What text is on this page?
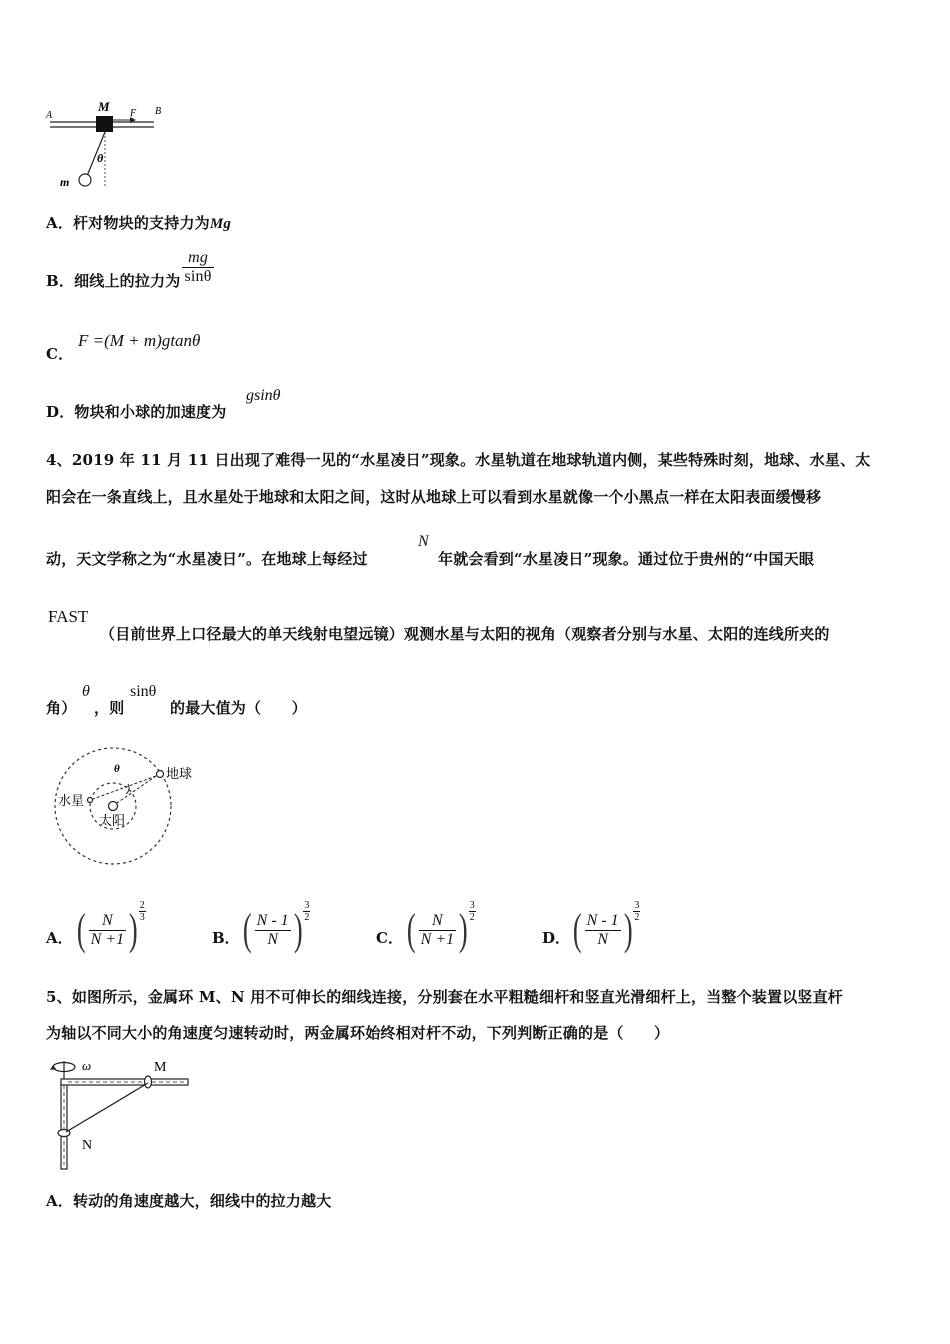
A
M F B
θ
m
A．杆对物块的支持力为Mg
B．细线上的拉力为 $\frac{mg}{\sin\theta}$
C．
F =(M + m)gtanθ
D．物块和小球的加速度为
gsinθ
4、2019 年 11 月 11 日出现了难得一见的“水星凌日”现象。水星轨道在地球轨道内侧，某些特殊时刻，地球、水星、太
阳会在一条直线上，且水星处于地球和太阳之间，这时从地球上可以看到水星就像一个小黑点一样在太阳表面缓慢移
动，天文学称之为“水星凌日”。在地球上每经过
N
年就会看到“水星凌日”现象。通过位于贵州的“中国天眼
FAST
（目前世界上口径最大的单天线射电望远镜）观测水星与太阳的视角（观察者分别与水星、太阳的连线所夹的
角）
θ
，则
sinθ
的最大值为（　　）
θ	地球
水星
太阳
A． ( $\frac{N}{N +1}$ ) 2
3
B． ( $\frac{N - 1}{N}$ ) 3
2
C． ( $\frac{N}{N +1}$ ) 3
2
D． ( $\frac{N - 1}{N}$ ) 3
2
5、如图所示，金属环 M、N 用不可伸长的细线连接，分别套在水平粗糙细杆和竖直光滑细杆上，当整个装置以竖直杆
为轴以不同大小的角速度匀速转动时，两金属环始终相对杆不动，下列判断正确的是（　　）
ω	M
N
A．转动的角速度越大，细线中的拉力越大
